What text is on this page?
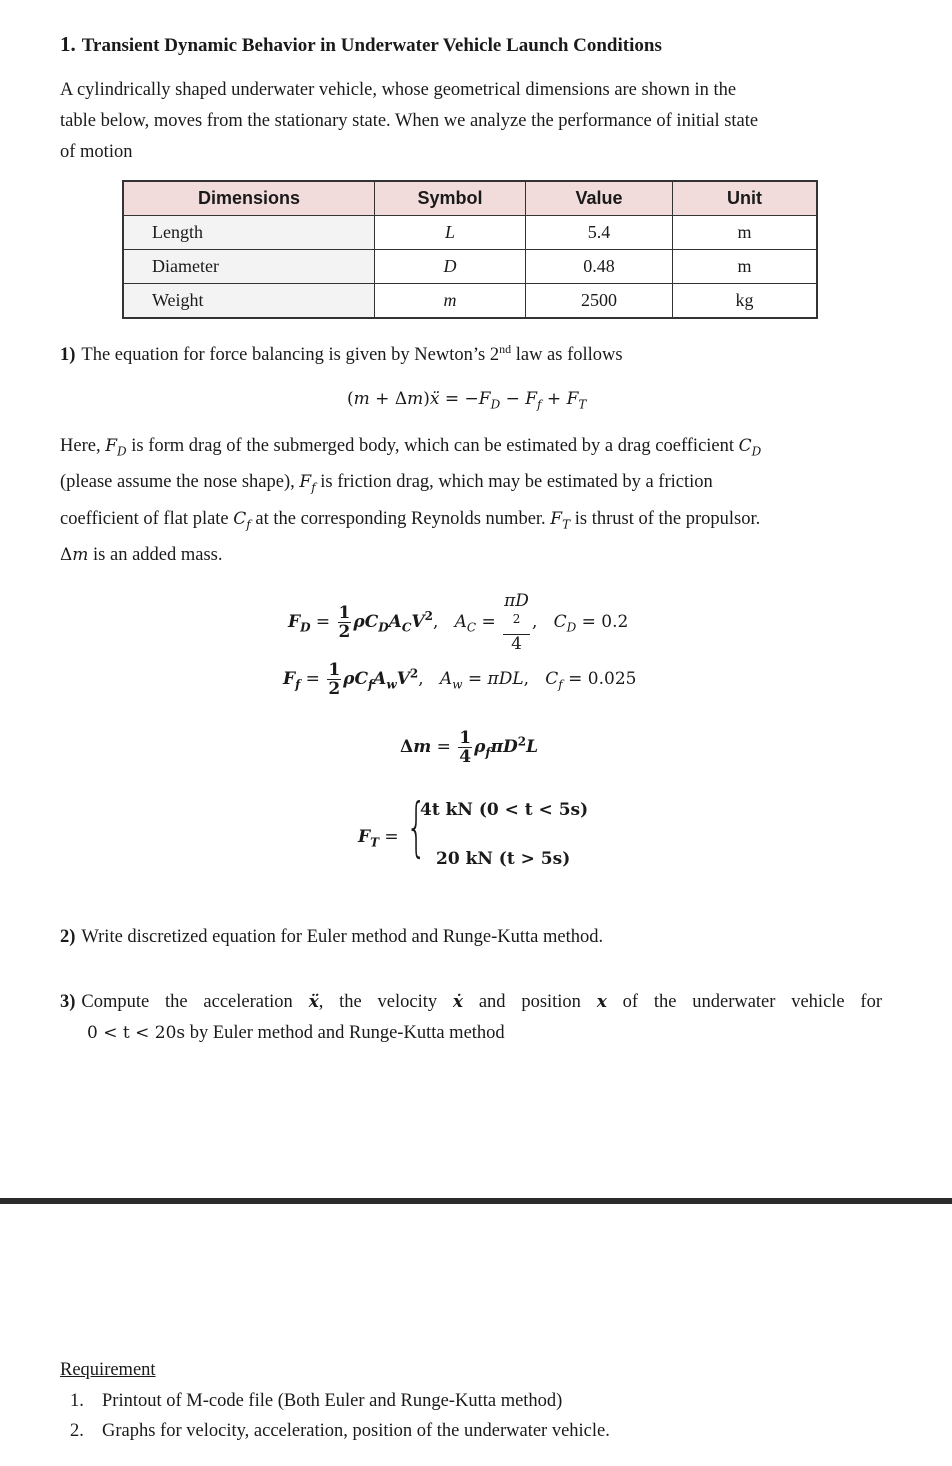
1. Transient Dynamic Behavior in Underwater Vehicle Launch Conditions
A cylindrically shaped underwater vehicle, whose geometrical dimensions are shown in the
table below, moves from the stationary state. When we analyze the performance of initial state
of motion
Dimensions	Symbol	Value	Unit
Length	L	5.4	m
Diameter	D	0.48	m
Weight	m	2500	kg
1) The equation for force balancing is given by Newton’s 2nd law as follows
(m + Δm)ẍ = $-F_D - F_f + F_T$
Here, $F_D$ is form drag of the submerged body, which can be estimated by a drag coefficient $C_D$
(please assume the nose shape), $F_f$ is friction drag, which may be estimated by a friction
coefficient of flat plate $C_f$ at the corresponding Reynolds number. $F_T$ is thrust of the propulsor.
Δm is an added mass.
$F_D = \frac{1}{2} \rho C_DA_CV^2$,   $A_C = \pi D$
$^2$
4 ,   $C_D = 0.2$
$F_f = \frac{1}{2} \rho C_fA_wV^2$,   $A_w = \pi DL$,   $C_f = 0.025$
$\Delta m = \frac{1}{4} \rho_f\pi D^2L$
$F_T$ = {
4t kN (0 < t < 5s)
20 kN (t > 5s)
2) Write discretized equation for Euler method and Runge-Kutta method.
3) Compute the acceleration ẍ, the velocity ẋ and position x of the underwater vehicle for
0 < t < 20s by Euler method and Runge-Kutta method
Requirement
1. Printout of M-code file (Both Euler and Runge-Kutta method)
2. Graphs for velocity, acceleration, position of the underwater vehicle.
